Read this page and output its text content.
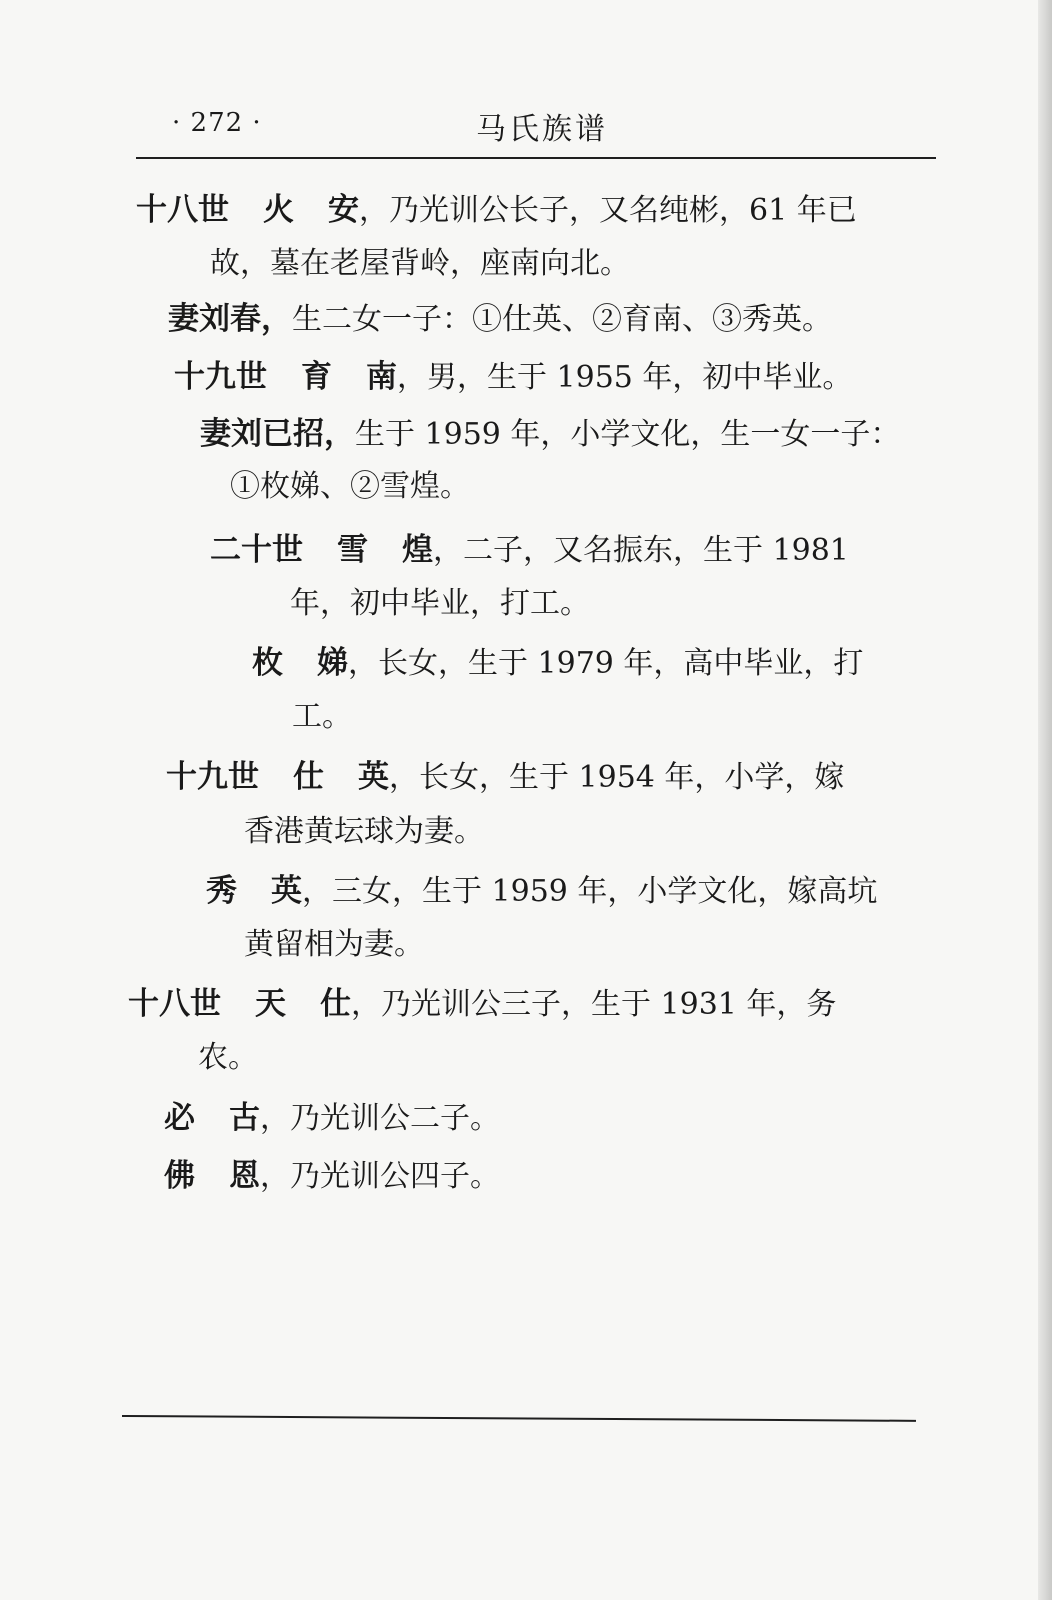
· 272 ·	马氏族谱
十八世 火 安，乃光训公长子，又名纯彬，61 年已
故，墓在老屋背岭，座南向北。
妻刘春，生二女一子：①仕英、②育南、③秀英。
十九世 育 南，男，生于 1955 年，初中毕业。
妻刘已招，生于 1959 年，小学文化，生一女一子：
①枚娣、②雪煌。
二十世 雪 煌，二子，又名振东，生于 1981
年，初中毕业，打工。
枚 娣，长女，生于 1979 年，高中毕业，打
工。
十九世 仕 英，长女，生于 1954 年，小学，嫁
香港黄坛球为妻。
秀 英，三女，生于 1959 年，小学文化，嫁高坑
黄留相为妻。
十八世 天 仕，乃光训公三子，生于 1931 年，务
农。
必 古，乃光训公二子。
佛 恩，乃光训公四子。
